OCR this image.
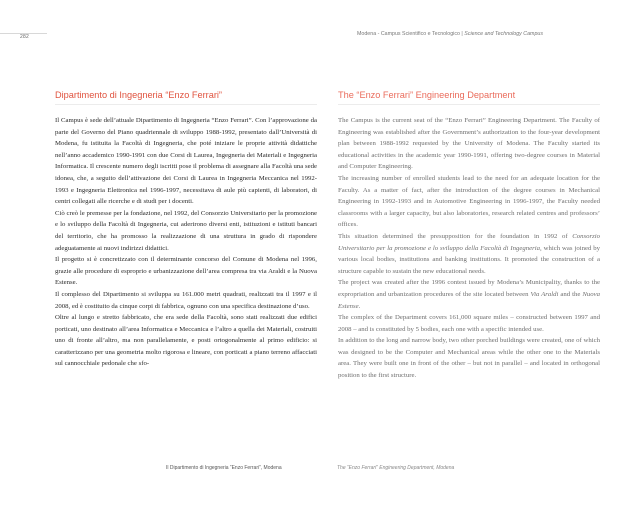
282	Modena - Campus Scientifico e Tecnologico | Science and Technology Campus
Dipartimento di Ingegneria “Enzo Ferrari”

Il Campus è sede dell’attuale Dipartimento di Ingegneria “Enzo Ferrari”. Con l’approvazione da parte del Governo del Piano quadriennale di sviluppo 1988-1992, presentato dall’Università di Modena, fu istituita la Facoltà di Ingegneria, che poté iniziare le proprie attività didattiche nell’anno accademico 1990-1991 con due Corsi di Laurea, Ingegneria dei Materiali e Ingegneria Informatica. Il crescente numero degli iscritti pose il problema di assegnare alla Facoltà una sede idonea, che, a seguito dell’attivazione dei Corsi di Laurea in Ingegneria Meccanica nel 1992-1993 e Ingegneria Elettronica nel 1996-1997, necessitava di aule più capienti, di laboratori, di centri collegati alle ricerche e di studi per i docenti.

Ciò creò le premesse per la fondazione, nel 1992, del Consorzio Universitario per la promozione e lo sviluppo della Facoltà di Ingegneria, cui aderirono diversi enti, istituzioni e istituti bancari del territorio, che ha promosso la realizzazione di una struttura in grado di rispondere adeguatamente ai nuovi indirizzi didattici.

Il progetto si è concretizzato con il determinante concorso del Comune di Modena nel 1996, grazie alle procedure di esproprio e urbanizzazione dell’area compresa tra via Araldi e la Nuova Estense.

Il complesso del Dipartimento si sviluppa su 161.000 metri quadrati, realizzati tra il 1997 e il 2008, ed è costituito da cinque corpi di fabbrica, ognuno con una specifica destinazione d’uso.

Oltre al lungo e stretto fabbricato, che era sede della Facoltà, sono stati realizzati due edifici porticati, uno destinato all’area Informatica e Meccanica e l’altro a quella dei Materiali, costruiti uno di fronte all’altro, ma non parallelamente, e posti ortogonalmente al primo edificio: si caratterizzano per una geometria molto rigorosa e lineare, con porticati a piano terreno affacciati sul cannocchiale pedonale che sfo-

The “Enzo Ferrari” Engineering Department

The Campus is the current seat of the “Enzo Ferrari” Engineering Department. The Faculty of Engineering was established after the Government’s authorization to the four-year development plan between 1988-1992 requested by the University of Modena. The Faculty started its educational activities in the academic year 1990-1991, offering two-degree courses in Material and Computer Engineering.

The increasing number of enrolled students lead to the need for an adequate location for the Faculty. As a matter of fact, after the introduction of the degree courses in Mechanical Engineering in 1992-1993 and in Automotive Engineering in 1996-1997, the Faculty needed classrooms with a larger capacity, but also laboratories, research related centres and professors’ offices.

This situation determined the presupposition for the foundation in 1992 of Consorzio Universitario per la promozione e lo sviluppo della Facoltà di Ingegneria, which was joined by various local bodies, institutions and banking institutions. It promoted the construction of a structure capable to sustain the new educational needs.

The project was created after the 1996 contest issued by Modena’s Municipality, thanks to the expropriation and urbanization procedures of the site located between Via Araldi and the Nuova Estense.

The complex of the Department covers 161,000 square miles – constructed between 1997 and 2008 – and is constituted by 5 bodies, each one with a specific intended use.

In addition to the long and narrow body, two other porched buildings were created, one of which was designed to be the Computer and Mechanical areas while the other one to the Materials area. They were built one in front of the other – but not in parallel – and located in orthogonal position to the first structure.

Il Dipartimento di Ingegneria “Enzo Ferrari”, Modena	The “Enzo Ferrari” Engineering Department, Modena
